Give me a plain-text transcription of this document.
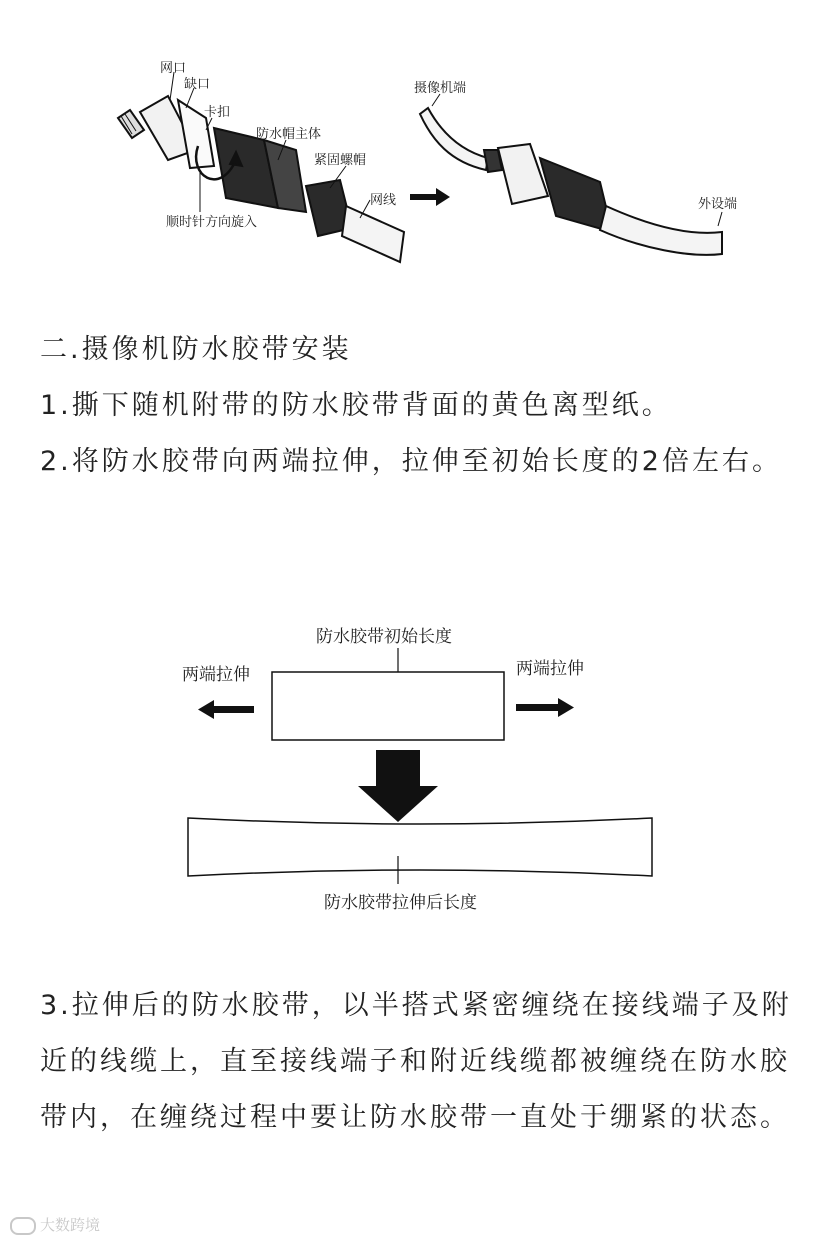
网口
缺口
卡扣
防水帽主体
紧固螺帽
网线
顺时针方向旋入
摄像机端
外设端

二.摄像机防水胶带安装

1.撕下随机附带的防水胶带背面的黄色离型纸。

2.将防水胶带向两端拉伸，拉伸至初始长度的2倍左右。

防水胶带初始长度
两端拉伸	两端拉伸
防水胶带拉伸后长度

3.拉伸后的防水胶带，以半搭式紧密缠绕在接线端子及附近的线缆上，直至接线端子和附近线缆都被缠绕在防水胶带内，在缠绕过程中要让防水胶带一直处于绷紧的状态。

大数跨境
